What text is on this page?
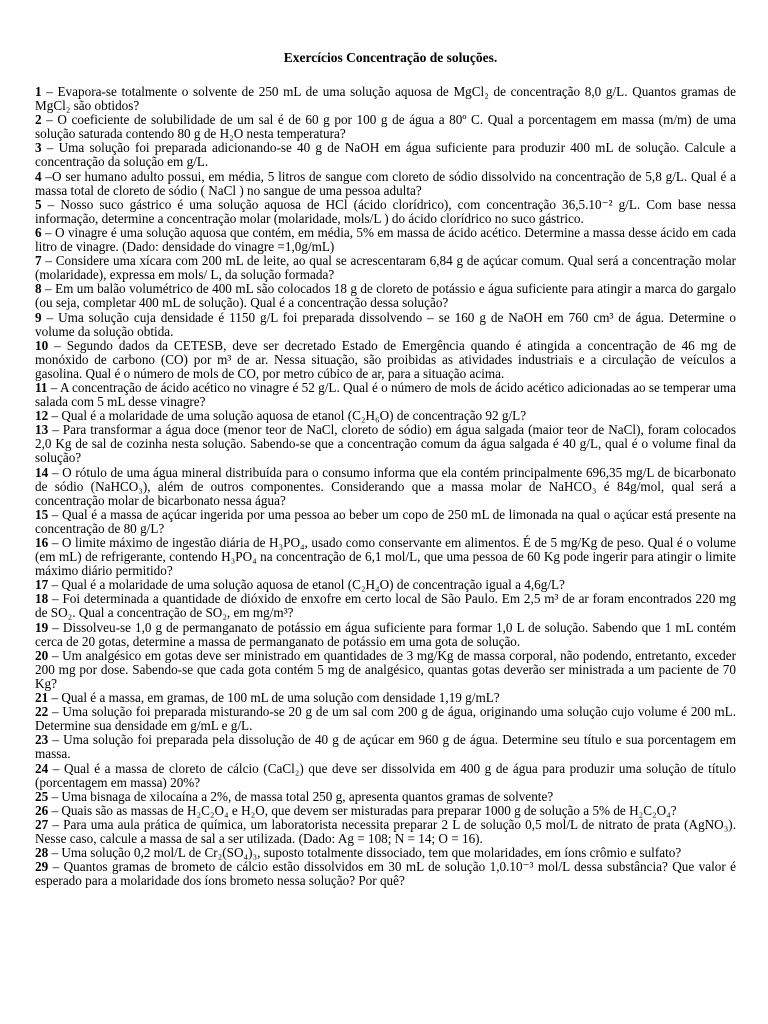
Exercícios Concentração de soluções.

1 – Evapora-se totalmente o solvente de 250 mL de uma solução aquosa de MgCl₂ de concentração 8,0 g/L. Quantos gramas de MgCl₂ são obtidos?

2 – O coeficiente de solubilidade de um sal é de 60 g por 100 g de água a 80º C. Qual a porcentagem em massa (m/m) de uma solução saturada contendo 80 g de H₂O nesta temperatura?

3 – Uma solução foi preparada adicionando-se 40 g de NaOH em água suficiente para produzir 400 mL de solução. Calcule a concentração da solução em g/L.

4 –O ser humano adulto possui, em média, 5 litros de sangue com cloreto de sódio dissolvido na concentração de 5,8 g/L. Qual é a massa total de cloreto de sódio ( NaCl ) no sangue de uma pessoa adulta?

5 – Nosso suco gástrico é uma solução aquosa de HCl (ácido clorídrico), com concentração 36,5.10⁻² g/L. Com base nessa informação, determine a concentração molar (molaridade, mols/L ) do ácido clorídrico no suco gástrico.

6 – O vinagre é uma solução aquosa que contém, em média, 5% em massa de ácido acético. Determine a massa desse ácido em cada litro de vinagre. (Dado: densidade do vinagre =1,0g/mL)

7 – Considere uma xícara com 200 mL de leite, ao qual se acrescentaram 6,84 g de açúcar comum. Qual será a concentração molar (molaridade), expressa em mols/ L, da solução formada?

8 – Em um balão volumétrico de 400 mL são colocados 18 g de cloreto de potássio e água suficiente para atingir a marca do gargalo (ou seja, completar 400 mL de solução). Qual é a concentração dessa solução?

9 – Uma solução cuja densidade é 1150 g/L foi preparada dissolvendo – se 160 g de NaOH em 760 cm³ de água. Determine o volume da solução obtida.

10 – Segundo dados da CETESB, deve ser decretado Estado de Emergência quando é atingida a concentração de 46 mg de monóxido de carbono (CO) por m³ de ar. Nessa situação, são proibidas as atividades industriais e a circulação de veículos a gasolina. Qual é o número de mols de CO, por metro cúbico de ar, para a situação acima.

11 – A concentração de ácido acético no vinagre é 52 g/L. Qual é o número de mols de ácido acético adicionadas ao se temperar uma salada com 5 mL desse vinagre?

12 – Qual é a molaridade de uma solução aquosa de etanol (C₂H₆O) de concentração 92 g/L?

13 – Para transformar a água doce (menor teor de NaCl, cloreto de sódio) em água salgada (maior teor de NaCl), foram colocados 2,0 Kg de sal de cozinha nesta solução. Sabendo-se que a concentração comum da água salgada é 40 g/L, qual é o volume final da solução?

14 – O rótulo de uma água mineral distribuída para o consumo informa que ela contém principalmente 696,35 mg/L de bicarbonato de sódio (NaHCO₃), além de outros componentes. Considerando que a massa molar de NaHCO₃ é 84g/mol, qual será a concentração molar de bicarbonato nessa água?

15 – Qual é a massa de açúcar ingerida por uma pessoa ao beber um copo de 250 mL de limonada na qual o açúcar está presente na concentração de 80 g/L?

16 – O limite máximo de ingestão diária de H₃PO₄, usado como conservante em alimentos. É de 5 mg/Kg de peso. Qual é o volume (em mL) de refrigerante, contendo H₃PO₄ na concentração de 6,1 mol/L, que uma pessoa de 60 Kg pode ingerir para atingir o limite máximo diário permitido?

17 – Qual é a molaridade de uma solução aquosa de etanol (C₂H₄O) de concentração igual a 4,6g/L?

18 – Foi determinada a quantidade de dióxido de enxofre em certo local de São Paulo. Em 2,5 m³ de ar foram encontrados 220 mg de SO₂. Qual a concentração de SO₂, em mg/m³?

19 – Dissolveu-se 1,0 g de permanganato de potássio em água suficiente para formar 1,0 L de solução. Sabendo que 1 mL contém cerca de 20 gotas, determine a massa de permanganato de potássio em uma gota de solução.

20 – Um analgésico em gotas deve ser ministrado em quantidades de 3 mg/Kg de massa corporal, não podendo, entretanto, exceder 200 mg por dose. Sabendo-se que cada gota contém 5 mg de analgésico, quantas gotas deverão ser ministrada a um paciente de 70 Kg?

21 – Qual é a massa, em gramas, de 100 mL de uma solução com densidade 1,19 g/mL?

22 – Uma solução foi preparada misturando-se 20 g de um sal com 200 g de água, originando uma solução cujo volume é 200 mL. Determine sua densidade em g/mL e g/L.

23 – Uma solução foi preparada pela dissolução de 40 g de açúcar em 960 g de água. Determine seu título e sua porcentagem em massa.

24 – Qual é a massa de cloreto de cálcio (CaCl₂) que deve ser dissolvida em 400 g de água para produzir uma solução de título (porcentagem em massa) 20%?

25 – Uma bisnaga de xilocaína a 2%, de massa total 250 g, apresenta quantos gramas de solvente?

26 – Quais são as massas de H₂C₂O₄ e H₂O, que devem ser misturadas para preparar 1000 g de solução a 5% de H₂C₂O₄?

27 – Para uma aula prática de química, um laboratorista necessita preparar 2 L de solução 0,5 mol/L de nitrato de prata (AgNO₃). Nesse caso, calcule a massa de sal a ser utilizada. (Dado: Ag = 108; N = 14; O = 16).

28 – Uma solução 0,2 mol/L de Cr₂(SO₄)₃, suposto totalmente dissociado, tem que molaridades, em íons crômio e sulfato?

29 – Quantos gramas de brometo de cálcio estão dissolvidos em 30 mL de solução 1,0.10⁻³ mol/L dessa substância? Que valor é esperado para a molaridade dos íons brometo nessa solução? Por quê?
